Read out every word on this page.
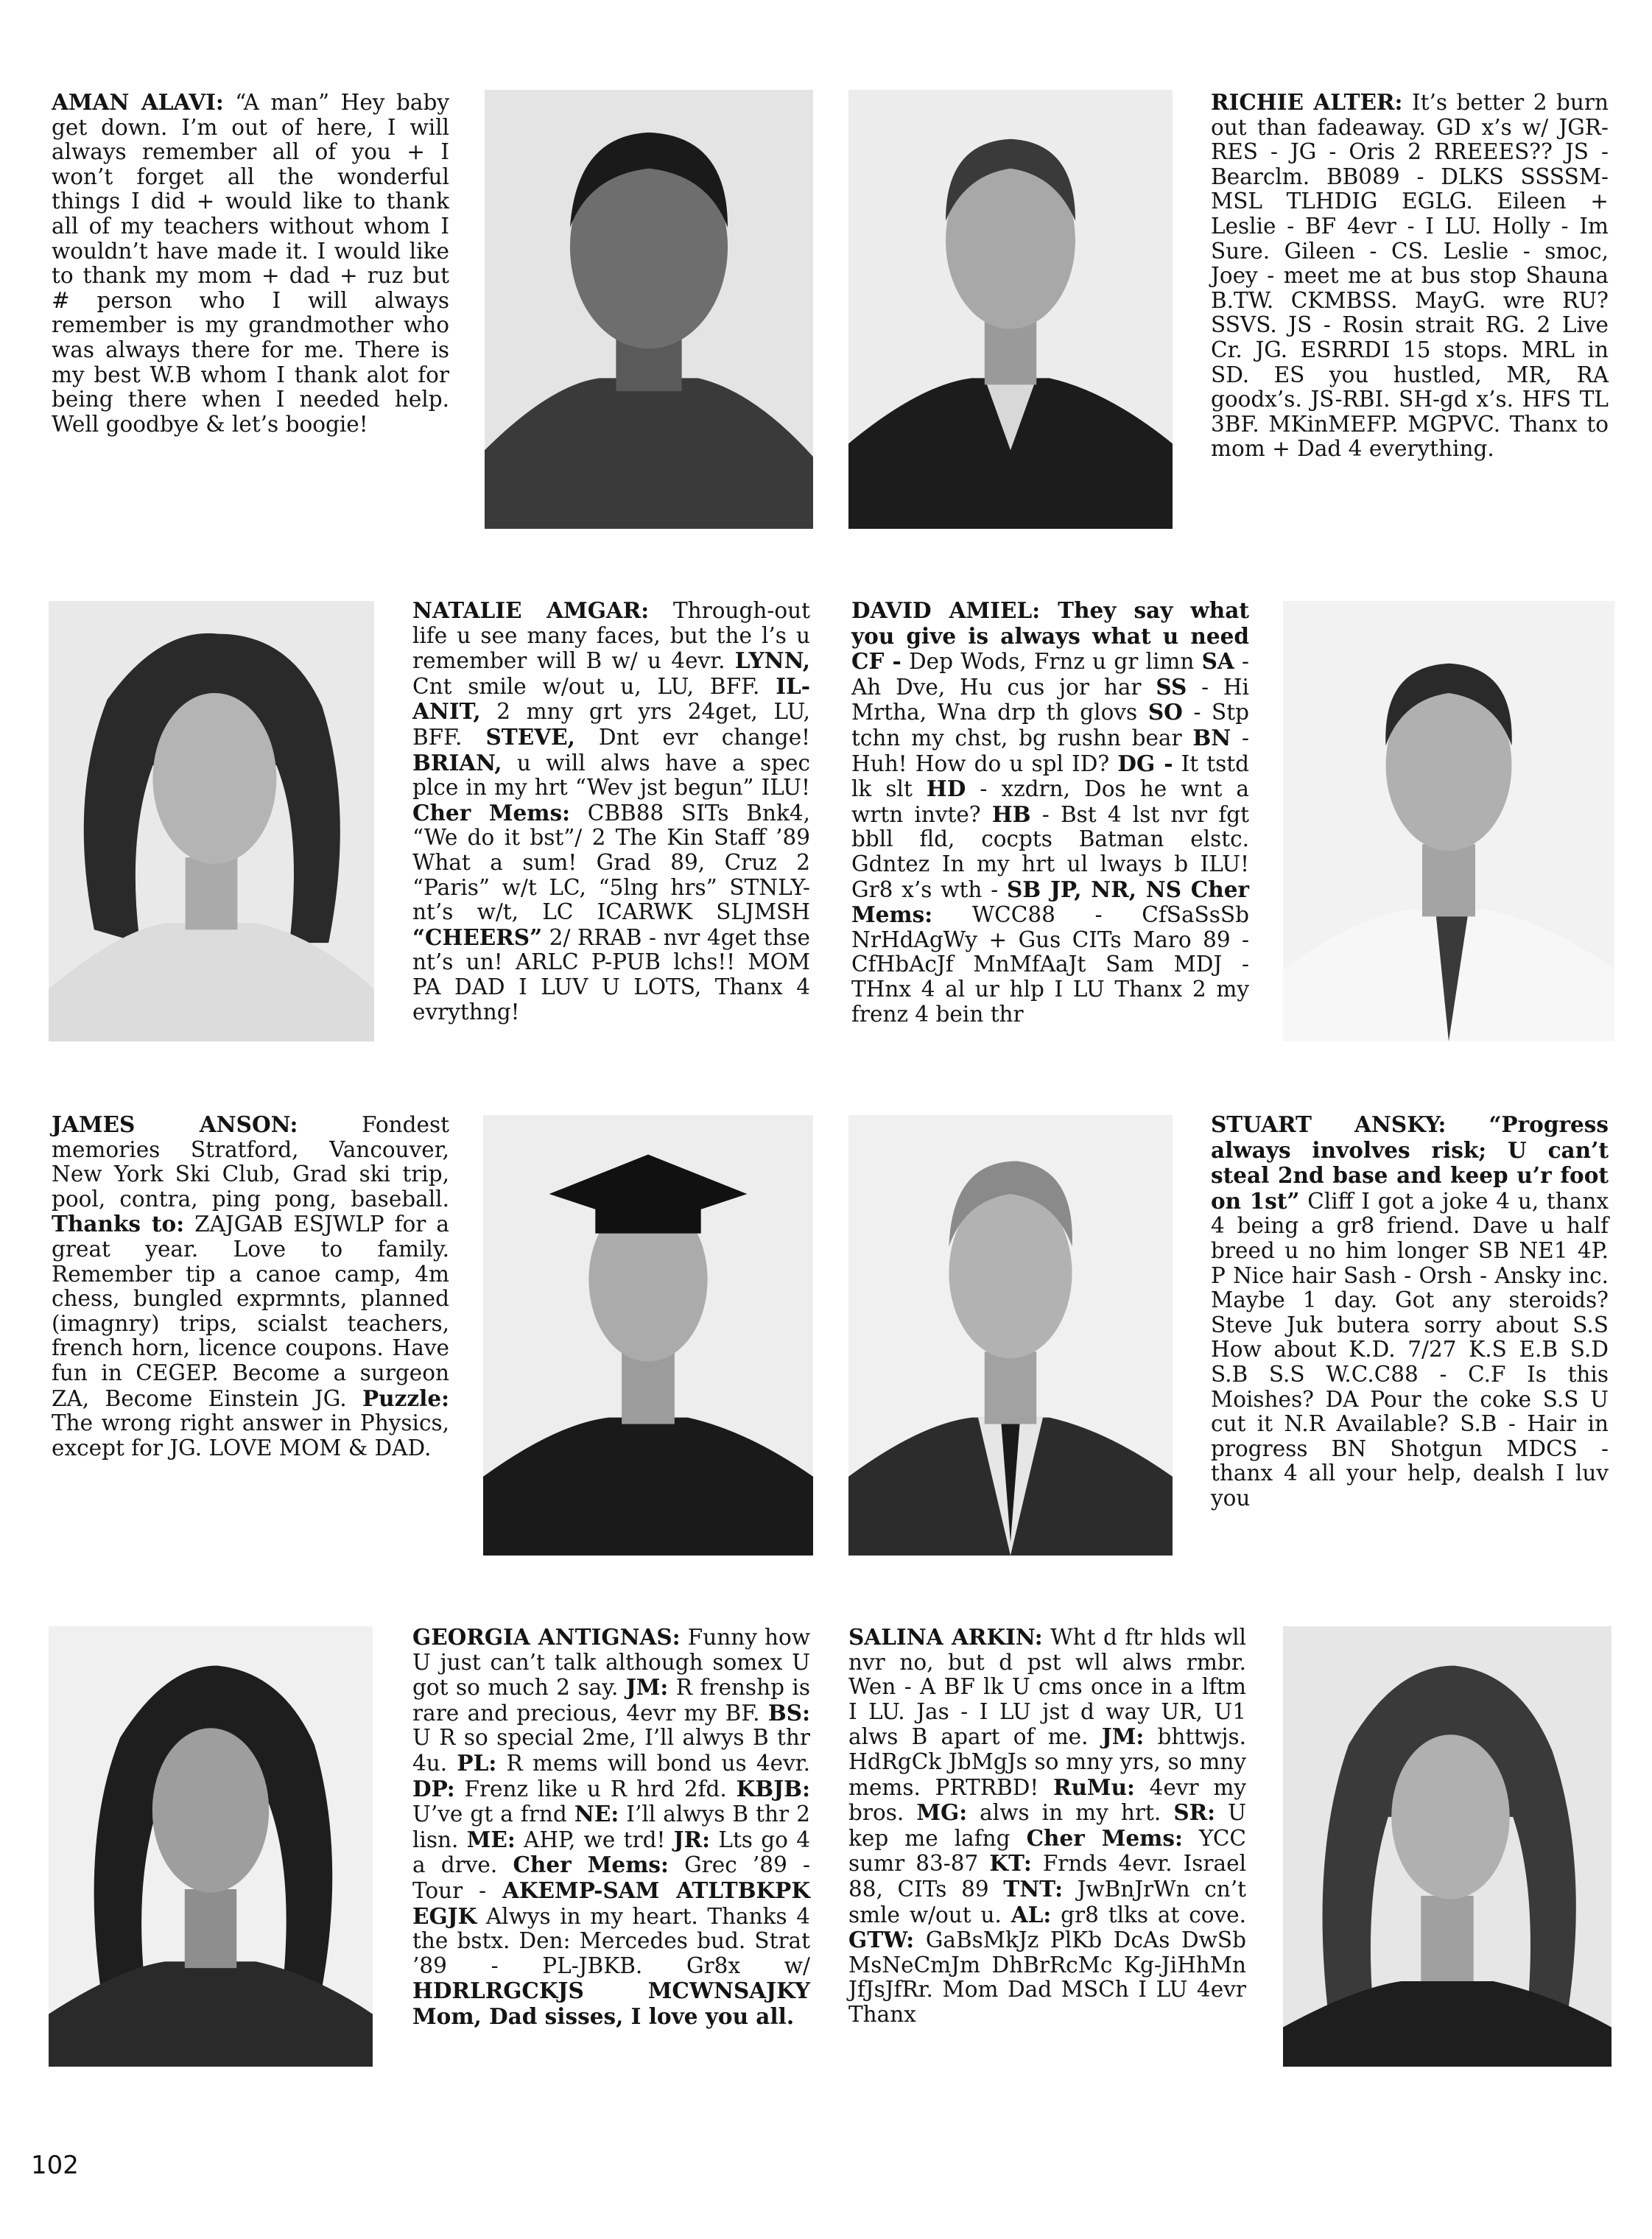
AMAN ALAVI: “A man” Hey baby get down. I’m out of here, I will always remember all of you + I won’t forget all the wonderful things I did + would like to thank all of my teachers without whom I wouldn’t have made it. I would like to thank my mom + dad + ruz but # person who I will always remember is my grandmother who was always there for me. There is my best W.B whom I thank alot for being there when I needed help. Well goodbye & let’s boogie!
RICHIE ALTER: It’s better 2 burn out than fadeaway. GD x’s w/ JGR-RES - JG - Oris 2 RREEES?? JS - Bearclm. BB089 - DLKS SSSSM-MSL TLHDIG EGLG. Eileen + Leslie - BF 4evr - I LU. Holly - Im Sure. Gileen - CS. Leslie - smoc, Joey - meet me at bus stop Shauna B.TW. CKMBSS. MayG. wre RU? SSVS. JS - Rosin strait RG. 2 Live Cr. JG. ESRRDI 15 stops. MRL in SD. ES you hustled, MR, RA goodx’s. JS-RBI. SH-gd x’s. HFS TL 3BF. MKinMEFP. MGPVC. Thanx to mom + Dad 4 everything.
NATALIE AMGAR: Through-out life u see many faces, but the l’s u remember will B w/ u 4evr. LYNN, Cnt smile w/out u, LU, BFF. IL-ANIT, 2 mny grt yrs 24get, LU, BFF. STEVE, Dnt evr change! BRIAN, u will alws have a spec plce in my hrt “Wev jst begun” ILU! Cher Mems: CBB88 SITs Bnk4, “We do it bst”/ 2 The Kin Staff ’89 What a sum! Grad 89, Cruz 2 “Paris” w/t LC, “5lng hrs” STNLY-nt’s w/t, LC ICARWK SLJMSH “CHEERS” 2/ RRAB - nvr 4get thse nt’s un! ARLC P-PUB lchs!! MOM PA DAD I LUV U LOTS, Thanx 4 evrythng!
DAVID AMIEL: They say what you give is always what u need CF - Dep Wods, Frnz u gr limn SA - Ah Dve, Hu cus jor har SS - Hi Mrtha, Wna drp th glovs SO - Stp tchn my chst, bg rushn bear BN - Huh! How do u spl ID? DG - It tstd lk slt HD - xzdrn, Dos he wnt a wrtn invte? HB - Bst 4 lst nvr fgt bbll fld, cocpts Batman elstc. Gdntez In my hrt ul lways b ILU! Gr8 x’s wth - SB JP, NR, NS Cher Mems: WCC88 - CfSaSsSb NrHdAgWy + Gus CITs Maro 89 - CfHbAcJf MnMfAaJt Sam MDJ - THnx 4 al ur hlp I LU Thanx 2 my frenz 4 bein thr
JAMES ANSON: Fondest memories Stratford, Vancouver, New York Ski Club, Grad ski trip, pool, contra, ping pong, baseball. Thanks to: ZAJGAB ESJWLP for a great year. Love to family. Remember tip a canoe camp, 4m chess, bungled exprmnts, planned (imagnry) trips, scialst teachers, french horn, licence coupons. Have fun in CEGEP. Become a surgeon ZA, Become Einstein JG. Puzzle: The wrong right answer in Physics, except for JG. LOVE MOM & DAD.
STUART ANSKY: “Progress always involves risk; U can’t steal 2nd base and keep u’r foot on 1st” Cliff I got a joke 4 u, thanx 4 being a gr8 friend. Dave u half breed u no him longer SB NE1 4P. P Nice hair Sash - Orsh - Ansky inc. Maybe 1 day. Got any steroids? Steve Juk butera sorry about S.S How about K.D. 7/27 K.S E.B S.D S.B S.S W.C.C88 - C.F Is this Moishes? DA Pour the coke S.S U cut it N.R Available? S.B - Hair in progress BN Shotgun MDCS - thanx 4 all your help, dealsh I luv you
GEORGIA ANTIGNAS: Funny how U just can’t talk although somex U got so much 2 say. JM: R frenshp is rare and precious, 4evr my BF. BS: U R so special 2me, I’ll alwys B thr 4u. PL: R mems will bond us 4evr. DP: Frenz like u R hrd 2fd. KBJB: U’ve gt a frnd NE: I’ll alwys B thr 2 lisn. ME: AHP, we trd! JR: Lts go 4 a drve. Cher Mems: Grec ’89 - Tour - AKEMP-SAM ATLTBKPK EGJK Alwys in my heart. Thanks 4 the bstx. Den: Mercedes bud. Strat ’89 - PL-JBKB. Gr8x w/ HDRLRGCKJS MCWNSAJKY Mom, Dad sisses, I love you all.
SALINA ARKIN: Wht d ftr hlds wll nvr no, but d pst wll alws rmbr. Wen - A BF lk U cms once in a lftm I LU. Jas - I LU jst d way UR, U1 alws B apart of me. JM: bhttwjs. HdRgCk JbMgJs so mny yrs, so mny mems. PRTRBD! RuMu: 4evr my bros. MG: alws in my hrt. SR: U kep me lafng Cher Mems: YCC sumr 83-87 KT: Frnds 4evr. Israel 88, CITs 89 TNT: JwBnJrWn cn’t smle w/out u. AL: gr8 tlks at cove. GTW: GaBsMkJz PlKb DcAs DwSb MsNeCmJm DhBrRcMc Kg-JiHhMn JfJsJfRr. Mom Dad MSCh I LU 4evr Thanx
102
